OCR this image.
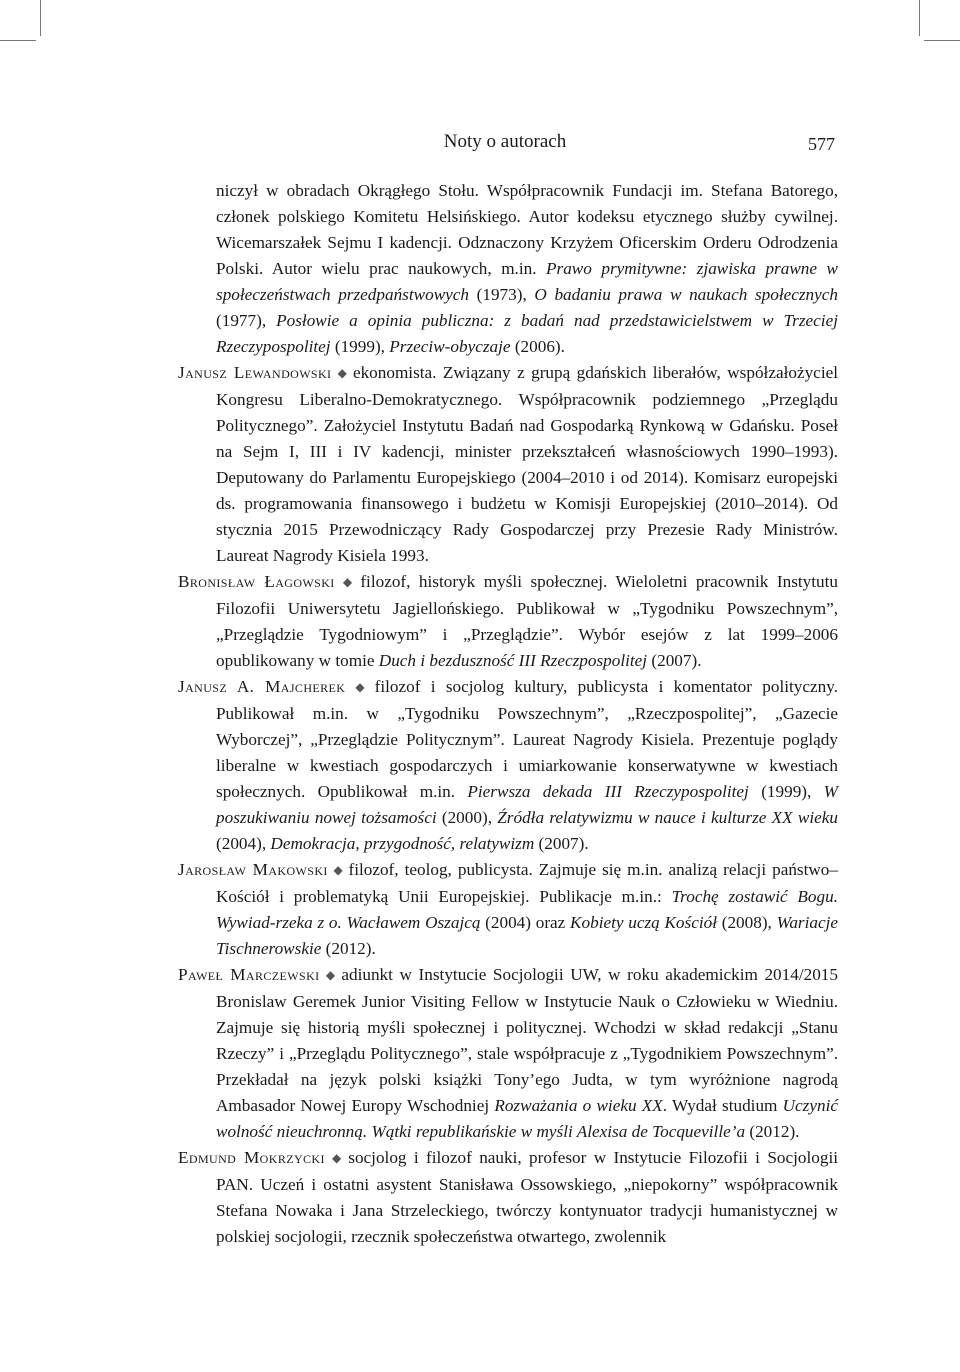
Noty o autorach	577

niczył w obradach Okrągłego Stołu. Współpracownik Fundacji im. Stefana Batorego, członek polskiego Komitetu Helsińskiego. Autor kodeksu etycznego służby cywilnej. Wicemarszałek Sejmu I kadencji. Odznaczony Krzyżem Oficerskim Orderu Odrodzenia Polski. Autor wielu prac naukowych, m.in. Prawo prymitywne: zjawiska prawne w społeczeństwach przedpaństwowych (1973), O badaniu prawa w naukach społecznych (1977), Posłowie a opinia publiczna: z badań nad przedstawicielstwem w Trzeciej Rzeczypospolitej (1999), Przeciw-obyczaje (2006).

Janusz Lewandowski ◆ ekonomista. Związany z grupą gdańskich liberałów, współzałożyciel Kongresu Liberalno-Demokratycznego. Współpracownik podziemnego „Przeglądu Politycznego”. Założyciel Instytutu Badań nad Gospodarką Rynkową w Gdańsku. Poseł na Sejm I, III i IV kadencji, minister przekształceń własnościowych 1990–1993). Deputowany do Parlamentu Europejskiego (2004–2010 i od 2014). Komisarz europejski ds. programowania finansowego i budżetu w Komisji Europejskiej (2010–2014). Od stycznia 2015 Przewodniczący Rady Gospodarczej przy Prezesie Rady Ministrów. Laureat Nagrody Kisiela 1993.

Bronisław Łagowski ◆ filozof, historyk myśli społecznej. Wieloletni pracownik Instytutu Filozofii Uniwersytetu Jagiellońskiego. Publikował w „Tygodniku Powszechnym”, „Przeglądzie Tygodniowym” i „Przeglądzie”. Wybór esejów z lat 1999–2006 opublikowany w tomie Duch i bezduszność III Rzeczpospolitej (2007).

Janusz A. Majcherek ◆ filozof i socjolog kultury, publicysta i komentator polityczny. Publikował m.in. w „Tygodniku Powszechnym”, „Rzeczpospolitej”, „Gazecie Wyborczej”, „Przeglądzie Politycznym”. Laureat Nagrody Kisiela. Prezentuje poglądy liberalne w kwestiach gospodarczych i umiarkowanie konserwatywne w kwestiach społecznych. Opublikował m.in. Pierwsza dekada III Rzeczypospolitej (1999), W poszukiwaniu nowej tożsamości (2000), Źródła relatywizmu w nauce i kulturze XX wieku (2004), Demokracja, przygodność, relatywizm (2007).

Jarosław Makowski ◆ filozof, teolog, publicysta. Zajmuje się m.in. analizą relacji państwo–Kościół i problematyką Unii Europejskiej. Publikacje m.in.: Trochę zostawić Bogu. Wywiad-rzeka z o. Wacławem Oszajcą (2004) oraz Kobiety uczą Kościół (2008), Wariacje Tischnerowskie (2012).

Paweł Marczewski ◆ adiunkt w Instytucie Socjologii UW, w roku akademickim 2014/2015 Bronislaw Geremek Junior Visiting Fellow w Instytucie Nauk o Człowieku w Wiedniu. Zajmuje się historią myśli społecznej i politycznej. Wchodzi w skład redakcji „Stanu Rzeczy” i „Przeglądu Politycznego”, stale współpracuje z „Tygodnikiem Powszechnym”. Przekładał na język polski książki Tony’ego Judta, w tym wyróżnione nagrodą Ambasador Nowej Europy Wschodniej Rozważania o wieku XX. Wydał studium Uczynić wolność nieuchronną. Wątki republikańskie w myśli Alexisa de Tocqueville’a (2012).

Edmund Mokrzycki ◆ socjolog i filozof nauki, profesor w Instytucie Filozofii i Socjologii PAN. Uczeń i ostatni asystent Stanisława Ossowskiego, „niepokorny” współpracownik Stefana Nowaka i Jana Strzeleckiego, twórczy kontynuator tradycji humanistycznej w polskiej socjologii, rzecznik społeczeństwa otwartego, zwolennik
